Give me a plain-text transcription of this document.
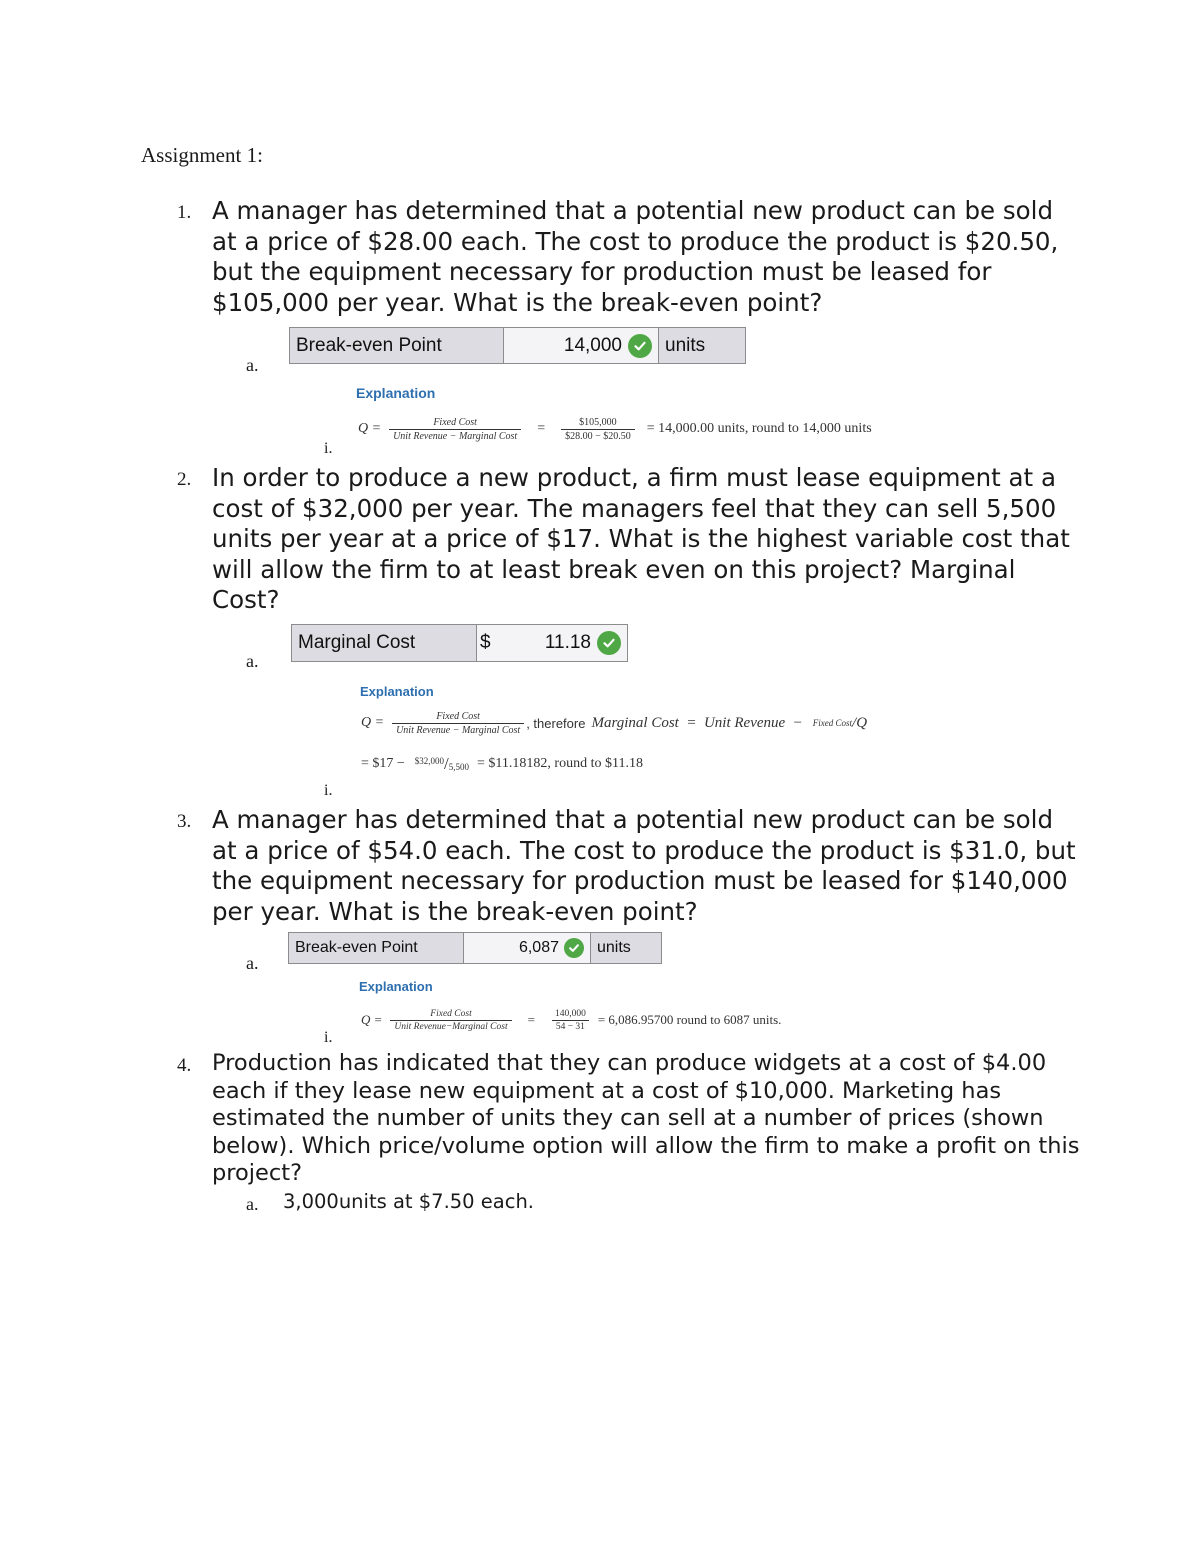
Assignment 1:
1. A manager has determined that a potential new product can be sold at a price of $28.00 each. The cost to produce the product is $20.50, but the equipment necessary for production must be leased for $105,000 per year. What is the break-even point?
a.
Break-even Point	14,000	units
Explanation
$Q = \frac{\text{Fixed Cost}}{\text{Unit Revenue − Marginal Cost}} = \frac{\$105,000}{\$28.00 - \$20.50} = 14,000.00$ units, round to 14,000 units
i.
2. In order to produce a new product, a firm must lease equipment at a cost of $32,000 per year. The managers feel that they can sell 5,500 units per year at a price of $17. What is the highest variable cost that will allow the firm to at least break even on this project? Marginal Cost?
a.
Marginal Cost	$	11.18
Explanation
$Q = \frac{\text{Fixed Cost}}{\text{Unit Revenue − Marginal Cost}}$ , therefore Marginal Cost  =  Unit Revenue  − Fixed Cost /Q
= $17 − $32,000 / 5,500 = $11.18182, round to $11.18
i.
3. A manager has determined that a potential new product can be sold at a price of $54.0 each. The cost to produce the product is $31.0, but the equipment necessary for production must be leased for $140,000 per year. What is the break-even point?
a.
Break-even Point	6,087	units
Explanation
$Q = \frac{\text{Fixed Cost}}{\text{Unit Revenue−Marginal Cost}} = \frac{140,000}{54 - 31} = 6,086.95700$ round to 6087 units.
i.
4. Production has indicated that they can produce widgets at a cost of $4.00 each if they lease new equipment at a cost of $10,000. Marketing has estimated the number of units they can sell at a number of prices (shown below). Which price/volume option will allow the firm to make a profit on this project?
a. 3,000units at $7.50 each.
